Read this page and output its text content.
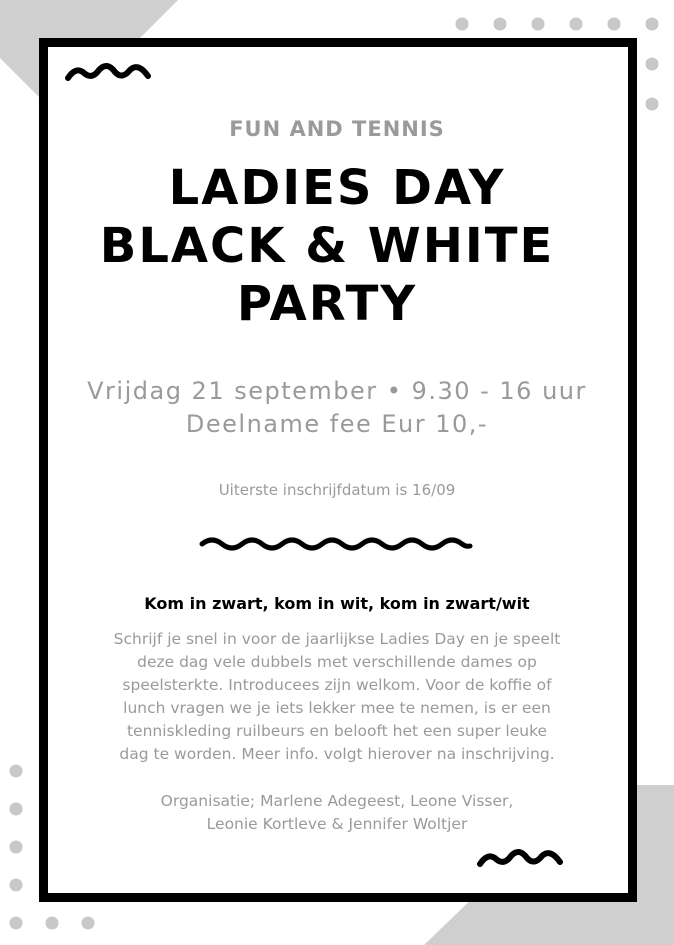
FUN AND TENNIS

LADIES DAY

BLACK & WHITE

PARTY

Vrijdag 21 september • 9.30 - 16 uur

Deelname fee Eur 10,-

Uiterste inschrijfdatum is 16/09

Kom in zwart, kom in wit, kom in zwart/wit

Schrijf je snel in voor de jaarlijkse Ladies Day en je speelt
deze dag vele dubbels met verschillende dames op
speelsterkte. Introducees zijn welkom. Voor de koffie of
lunch vragen we je iets lekker mee te nemen, is er een
tenniskleding ruilbeurs en belooft het een super leuke
dag te worden. Meer info. volgt hierover na inschrijving.
Organisatie; Marlene Adegeest, Leone Visser,
Leonie Kortleve & Jennifer Woltjer
